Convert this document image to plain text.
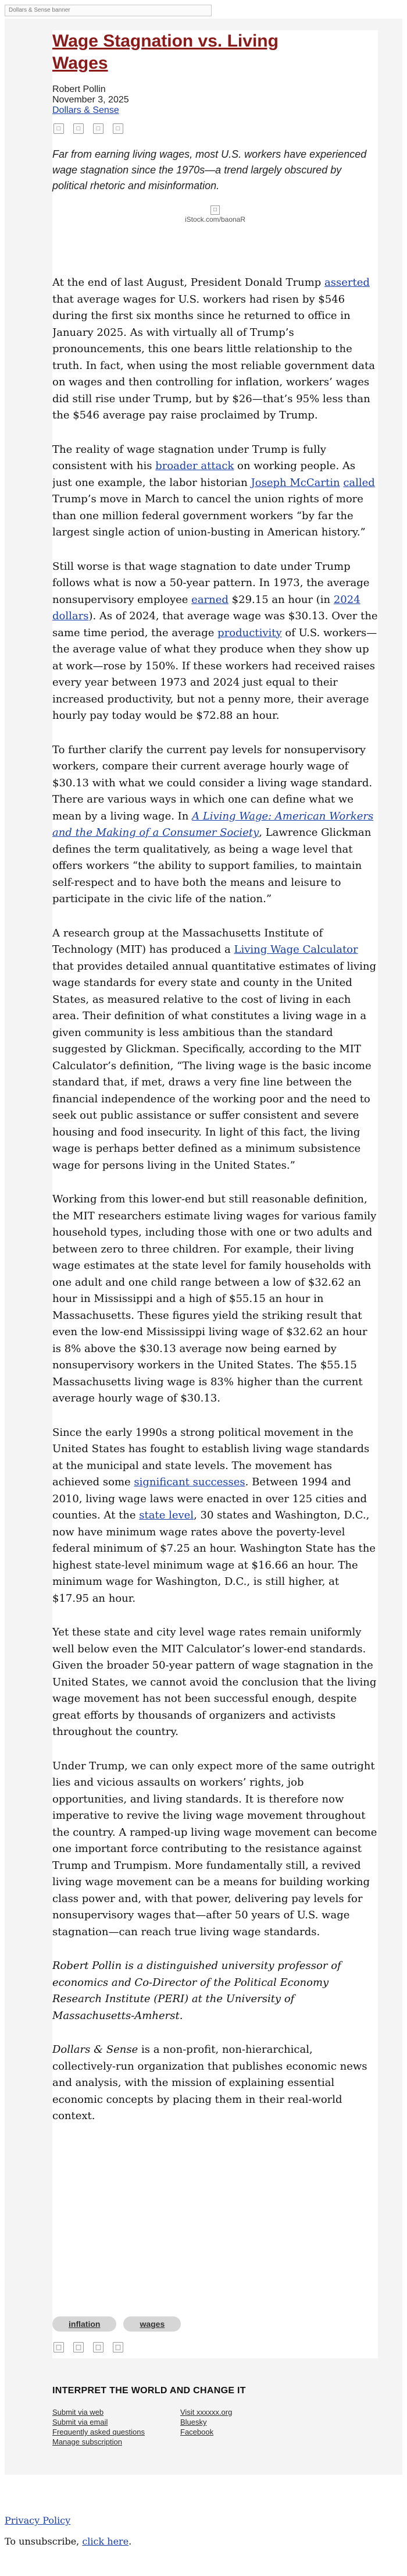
Dollars & Sense banner
Wage Stagnation vs. Living Wages
Robert Pollin
November 3, 2025
Dollars & Sense
□	□	□	□

Far from earning living wages, most U.S. workers have experienced wage stagnation since the 1970s—a trend largely obscured by political rhetoric and misinformation.

□
iStock.com/baonaR

At the end of last August, President Donald Trump asserted that average wages for U.S. workers had risen by $546 during the first six months since he returned to office in January 2025. As with virtually all of Trump’s pronouncements, this one bears little relationship to the truth. In fact, when using the most reliable government data on wages and then controlling for inflation, workers’ wages did still rise under Trump, but by $26—that’s 95% less than the $546 average pay raise proclaimed by Trump.

The reality of wage stagnation under Trump is fully consistent with his broader attack on working people. As just one example, the labor historian Joseph McCartin called Trump’s move in March to cancel the union rights of more than one million federal government workers “by far the largest single action of union-busting in American history.”

Still worse is that wage stagnation to date under Trump follows what is now a 50-year pattern. In 1973, the average nonsupervisory employee earned $29.15 an hour (in 2024 dollars). As of 2024, that average wage was $30.13. Over the same time period, the average productivity of U.S. workers—the average value of what they produce when they show up at work—rose by 150%. If these workers had received raises every year between 1973 and 2024 just equal to their increased productivity, but not a penny more, their average hourly pay today would be $72.88 an hour.

To further clarify the current pay levels for nonsupervisory workers, compare their current average hourly wage of $30.13 with what we could consider a living wage standard. There are various ways in which one can define what we mean by a living wage. In A Living Wage: American Workers and the Making of a Consumer Society, Lawrence Glickman defines the term qualitatively, as being a wage level that offers workers “the ability to support families, to maintain self-respect and to have both the means and leisure to participate in the civic life of the nation.”

A research group at the Massachusetts Institute of Technology (MIT) has produced a Living Wage Calculator that provides detailed annual quantitative estimates of living wage standards for every state and county in the United States, as measured relative to the cost of living in each area. Their definition of what constitutes a living wage in a given community is less ambitious than the standard suggested by Glickman. Specifically, according to the MIT Calculator’s definition, “The living wage is the basic income standard that, if met, draws a very fine line between the financial independence of the working poor and the need to seek out public assistance or suffer consistent and severe housing and food insecurity. In light of this fact, the living wage is perhaps better defined as a minimum subsistence wage for persons living in the United States.”

Working from this lower-end but still reasonable definition, the MIT researchers estimate living wages for various family household types, including those with one or two adults and between zero to three children. For example, their living wage estimates at the state level for family households with one adult and one child range between a low of $32.62 an hour in Mississippi and a high of $55.15 an hour in Massachusetts. These figures yield the striking result that even the low-end Mississippi living wage of $32.62 an hour is 8% above the $30.13 average now being earned by nonsupervisory workers in the United States. The $55.15 Massachusetts living wage is 83% higher than the current average hourly wage of $30.13.

Since the early 1990s a strong political movement in the United States has fought to establish living wage standards at the municipal and state levels. The movement has achieved some significant successes. Between 1994 and 2010, living wage laws were enacted in over 125 cities and counties. At the state level, 30 states and Washington, D.C., now have minimum wage rates above the poverty-level federal minimum of $7.25 an hour. Washington State has the highest state-level minimum wage at $16.66 an hour. The minimum wage for Washington, D.C., is still higher, at $17.95 an hour.

Yet these state and city level wage rates remain uniformly well below even the MIT Calculator’s lower-end standards. Given the broader 50-year pattern of wage stagnation in the United States, we cannot avoid the conclusion that the living wage movement has not been successful enough, despite great efforts by thousands of organizers and activists throughout the country.

Under Trump, we can only expect more of the same outright lies and vicious assaults on workers’ rights, job opportunities, and living standards. It is therefore now imperative to revive the living wage movement throughout the country. A ramped-up living wage movement can become one important force contributing to the resistance against Trump and Trumpism. More fundamentally still, a revived living wage movement can be a means for building working class power and, with that power, delivering pay levels for nonsupervisory wages that—after 50 years of U.S. wage stagnation—can reach true living wage standards.

Robert Pollin is a distinguished university professor of economics and Co-Director of the Political Economy Research Institute (PERI) at the University of Massachusetts-Amherst.

Dollars & Sense is a non-profit, non-hierarchical, collectively-run organization that publishes economic news and analysis, with the mission of explaining essential economic concepts by placing them in their real-world context.

inflation	wages
□	□	□	□
INTERPRET THE WORLD AND CHANGE IT
Submit via web
Submit via email
Frequently asked questions
Manage subscription
Visit xxxxxx.org
Bluesky
Facebook
Privacy Policy
To unsubscribe, click here.
